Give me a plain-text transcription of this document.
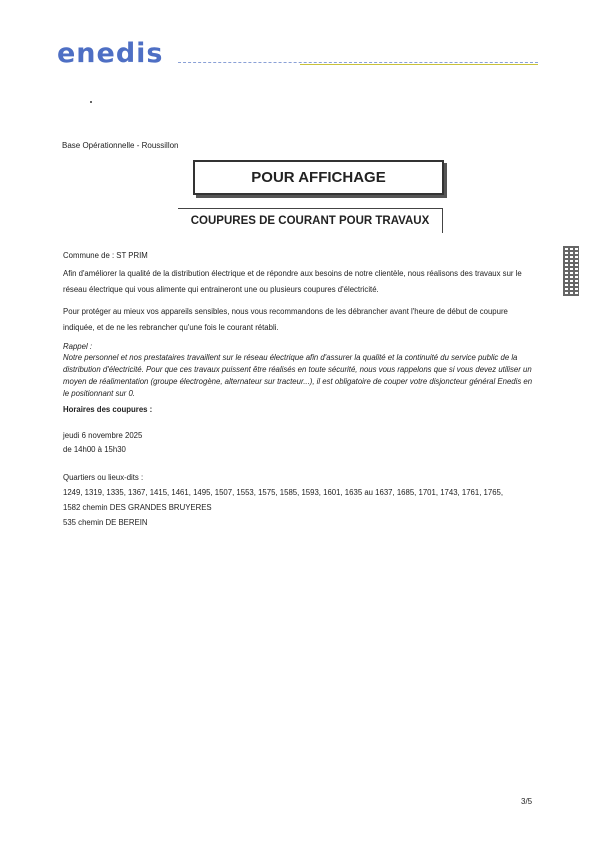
enedis
Base Opérationnelle - Roussillon
POUR AFFICHAGE
COUPURES DE COURANT POUR TRAVAUX
Commune de : ST PRIM
Afin d'améliorer la qualité de la distribution électrique et de répondre aux besoins de notre clientèle, nous réalisons des travaux sur le réseau électrique qui vous alimente qui entraineront une ou plusieurs coupures d'électricité.
Pour protéger au mieux vos appareils sensibles, nous vous recommandons de les débrancher avant l'heure de début de coupure indiquée, et de ne les rebrancher qu'une fois le courant rétabli.
Rappel :
Notre personnel et nos prestataires travaillent sur le réseau électrique afin d'assurer la qualité et la continuité du service public de la distribution d'électricité. Pour que ces travaux puissent être réalisés en toute sécurité, nous vous rappelons que si vous devez utiliser un moyen de réalimentation (groupe électrogène, alternateur sur tracteur...), il est obligatoire de couper votre disjoncteur général Enedis en le positionnant sur 0.
Horaires des coupures :
jeudi 6 novembre 2025
de 14h00 à 15h30
Quartiers ou lieux-dits :
1249, 1319, 1335, 1367, 1415, 1461, 1495, 1507, 1553, 1575, 1585, 1593, 1601, 1635 au 1637, 1685, 1701, 1743, 1761, 1765,
1582 chemin DES GRANDES BRUYERES
535 chemin DE BEREIN
3/5
